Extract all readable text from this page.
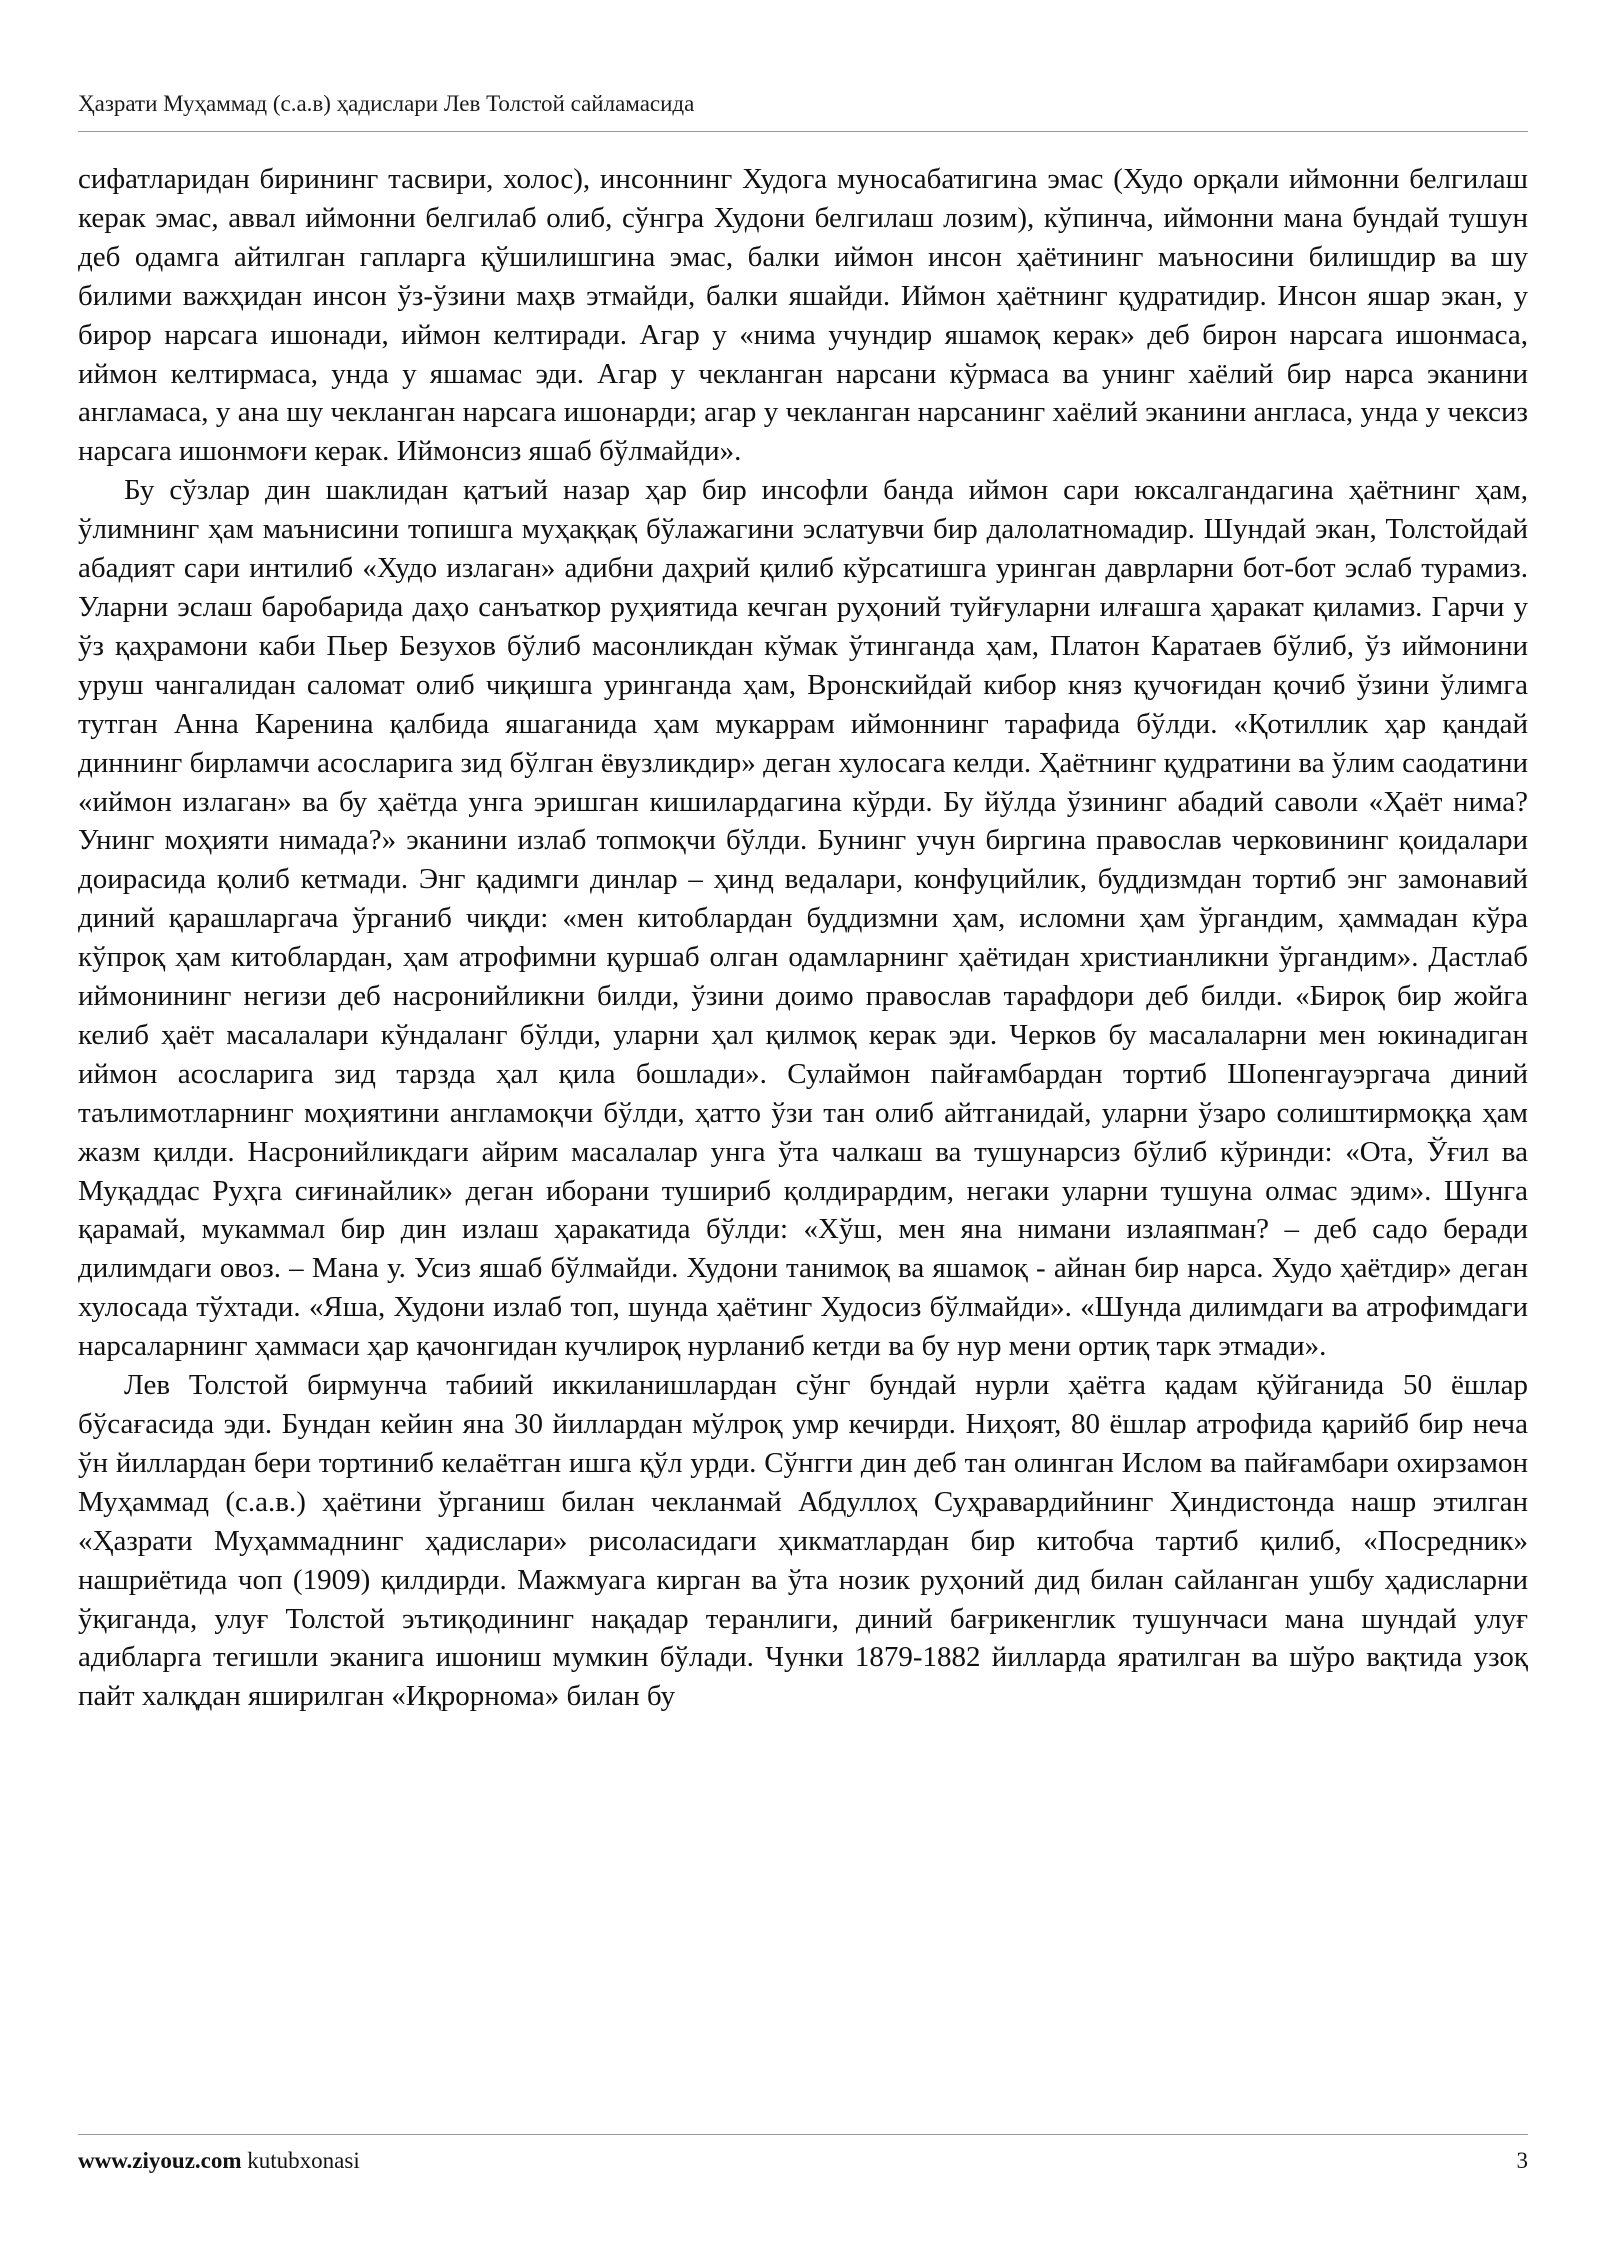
Ҳазрати Муҳаммад (с.а.в) ҳадислари Лев Толстой сайламасида

сифатларидан бирининг тасвири, холос), инсоннинг Худога муносабатигина эмас (Худо орқали иймонни белгилаш керак эмас, аввал иймонни белгилаб олиб, сўнгра Худони белгилаш лозим), кўпинча, иймонни мана бундай тушун деб одамга айтилган гапларга қўшилишгина эмас, балки иймон инсон ҳаётининг маъносини билишдир ва шу билими важҳидан инсон ўз-ўзини маҳв этмайди, балки яшайди. Иймон ҳаётнинг қудратидир. Инсон яшар экан, у бирор нарсага ишонади, иймон келтиради. Агар у «нима учундир яшамоқ керак» деб бирон нарсага ишонмаса, иймон келтирмаса, унда у яшамас эди. Агар у чекланган нарсани кўрмаса ва унинг хаёлий бир нарса эканини англамаса, у ана шу чекланган нарсага ишонарди; агар у чекланган нарсанинг хаёлий эканини англаса, унда у чексиз нарсага ишонмоғи керак. Иймонсиз яшаб бўлмайди».

Бу сўзлар дин шаклидан қатъий назар ҳар бир инсофли банда иймон сари юксалгандагина ҳаётнинг ҳам, ўлимнинг ҳам маънисини топишга муҳаққақ бўлажагини эслатувчи бир далолатномадир. Шундай экан, Толстойдай абадият сари интилиб «Худо излаган» адибни даҳрий қилиб кўрсатишга уринган даврларни бот-бот эслаб турамиз. Уларни эслаш баробарида даҳо санъаткор руҳиятида кечган руҳоний туйғуларни илғашга ҳаракат қиламиз. Гарчи у ўз қаҳрамони каби Пьер Безухов бўлиб масонликдан кўмак ўтинганда ҳам, Платон Каратаев бўлиб, ўз иймонини уруш чангалидан саломат олиб чиқишга уринганда ҳам, Вронскийдай кибор княз қучоғидан қочиб ўзини ўлимга тутган Анна Каренина қалбида яшаганида ҳам мукаррам иймоннинг тарафида бўлди. «Қотиллик ҳар қандай диннинг бирламчи асосларига зид бўлган ёвузликдир» деган хулосага келди. Ҳаётнинг қудратини ва ўлим саодатини «иймон излаган» ва бу ҳаётда унга эришган кишилардагина кўрди. Бу йўлда ўзининг абадий саволи «Ҳаёт нима? Унинг моҳияти нимада?» эканини излаб топмоқчи бўлди. Бунинг учун биргина православ черковининг қоидалари доирасида қолиб кетмади. Энг қадимги динлар – ҳинд ведалари, конфуцийлик, буддизмдан тортиб энг замонавий диний қарашларгача ўрганиб чиқди: «мен китоблардан буддизмни ҳам, исломни ҳам ўргандим, ҳаммадан кўра кўпроқ ҳам китоблардан, ҳам атрофимни қуршаб олган одамларнинг ҳаётидан христианликни ўргандим». Дастлаб иймонининг негизи деб насронийликни билди, ўзини доимо православ тарафдори деб билди. «Бироқ бир жойга келиб ҳаёт масалалари кўндаланг бўлди, уларни ҳал қилмоқ керак эди. Черков бу масалаларни мен юкинадиган иймон асосларига зид тарзда ҳал қила бошлади». Сулаймон пайғамбардан тортиб Шопенгауэргача диний таълимотларнинг моҳиятини англамоқчи бўлди, ҳатто ўзи тан олиб айтганидай, уларни ўзаро солиштирмоққа ҳам жазм қилди. Насронийликдаги айрим масалалар унга ўта чалкаш ва тушунарсиз бўлиб кўринди: «Ота, Ўғил ва Муқаддас Руҳга сиғинайлик» деган иборани тушириб қолдирардим, негаки уларни тушуна олмас эдим». Шунга қарамай, мукаммал бир дин излаш ҳаракатида бўлди: «Хўш, мен яна нимани излаяпман? – деб садо беради дилимдаги овоз. – Мана у. Усиз яшаб бўлмайди. Худони танимоқ ва яшамоқ - айнан бир нарса. Худо ҳаётдир» деган хулосада тўхтади. «Яша, Худони излаб топ, шунда ҳаётинг Худосиз бўлмайди». «Шунда дилимдаги ва атрофимдаги нарсаларнинг ҳаммаси ҳар қачонгидан кучлироқ нурланиб кетди ва бу нур мени ортиқ тарк этмади».

Лев Толстой бирмунча табиий иккиланишлардан сўнг бундай нурли ҳаётга қадам қўйганида 50 ёшлар бўсағасида эди. Бундан кейин яна 30 йиллардан мўлроқ умр кечирди. Ниҳоят, 80 ёшлар атрофида қарийб бир неча ўн йиллардан бери тортиниб келаётган ишга қўл урди. Сўнгги дин деб тан олинган Ислом ва пайғамбари охирзамон Муҳаммад (с.а.в.) ҳаётини ўрганиш билан чекланмай Абдуллоҳ Суҳравардийнинг Ҳиндистонда нашр этилган «Ҳазрати Муҳаммаднинг ҳадислари» рисоласидаги ҳикматлардан бир китобча тартиб қилиб, «Посредник» нашриётида чоп (1909) қилдирди. Мажмуага кирган ва ўта нозик руҳоний дид билан сайланган ушбу ҳадисларни ўқиганда, улуғ Толстой эътиқодининг нақадар теранлиги, диний бағрикенглик тушунчаси мана шундай улуғ адибларга тегишли эканига ишониш мумкин бўлади. Чунки 1879-1882 йилларда яратилган ва шўро вақтида узоқ пайт халқдан яширилган «Иқрорнома» билан бу

www.ziyouz.com kutubxonasi	3
